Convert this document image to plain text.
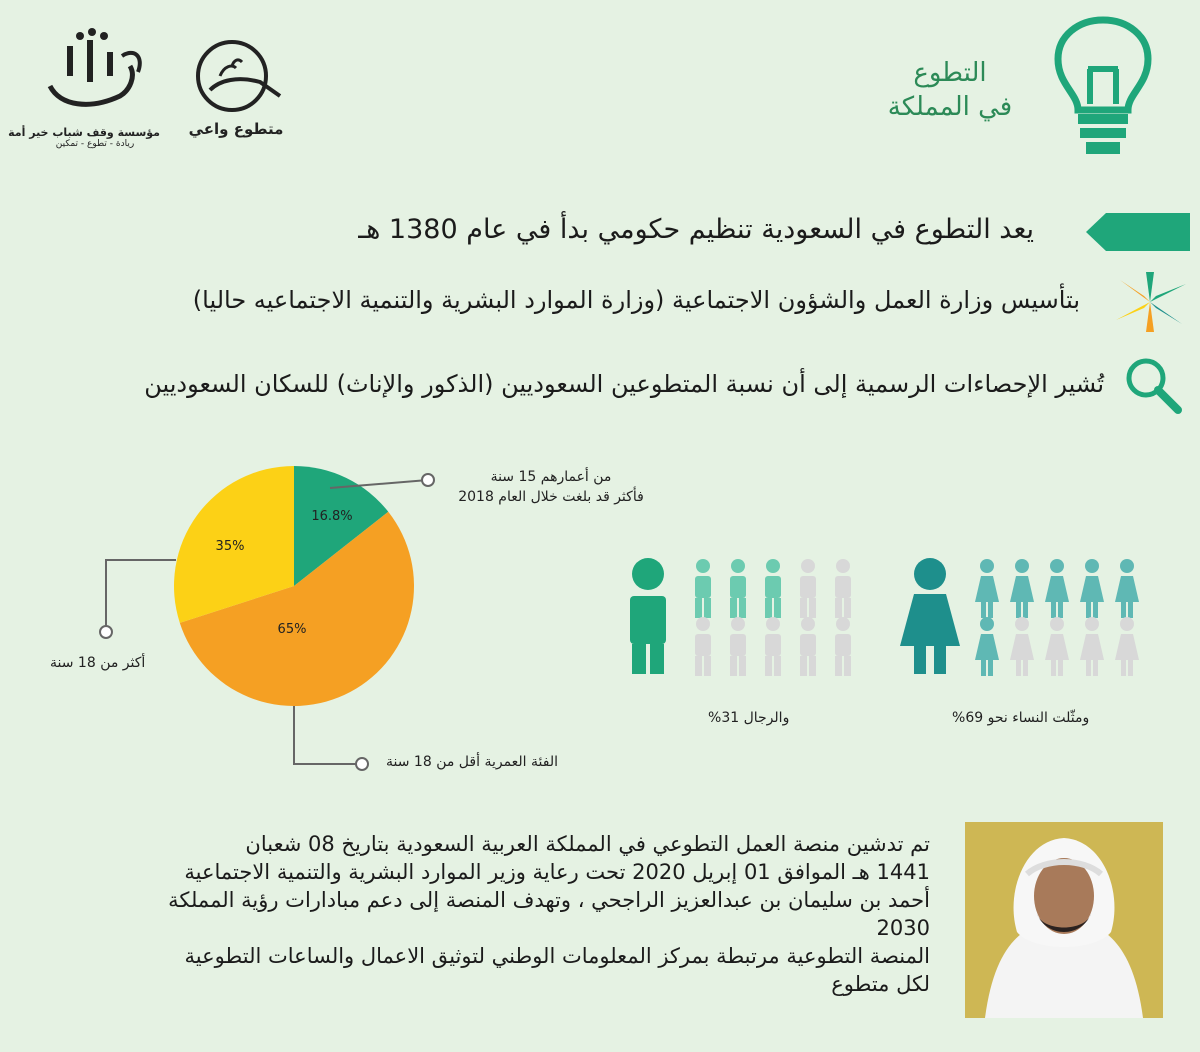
التطوع
في المملكة
متطوع واعي
مؤسسة وقف شباب خير أمة
ريادة - تطوع - تمكين
يعد التطوع في السعودية تنظيم حكومي بدأ في عام 1380 هـ
بتأسيس وزارة العمل والشؤون الاجتماعية (وزارة الموارد البشرية والتنمية الاجتماعيه حاليا)
تُشير الإحصاءات الرسمية إلى أن نسبة المتطوعين السعوديين (الذكور والإناث) للسكان السعوديين
16.8%
65%
35%
من أعمارهم 15 سنة
فأكثر قد بلغت خلال العام 2018
أكثر من 18 سنة
الفئة العمرية أقل من 18 سنة
ومثّلت النساء نحو 69%
والرجال 31%
تم تدشين منصة العمل التطوعي في المملكة العربية السعودية بتاريخ 08 شعبان
1441 هـ الموافق 01 إبريل 2020 تحت رعاية وزير الموارد البشرية والتنمية الاجتماعية
أحمد بن سليمان بن عبدالعزيز الراجحي ، وتهدف المنصة إلى دعم مبادارات رؤية المملكة
2030
المنصة التطوعية مرتبطة بمركز المعلومات الوطني لتوثيق الاعمال والساعات التطوعية
لكل متطوع
